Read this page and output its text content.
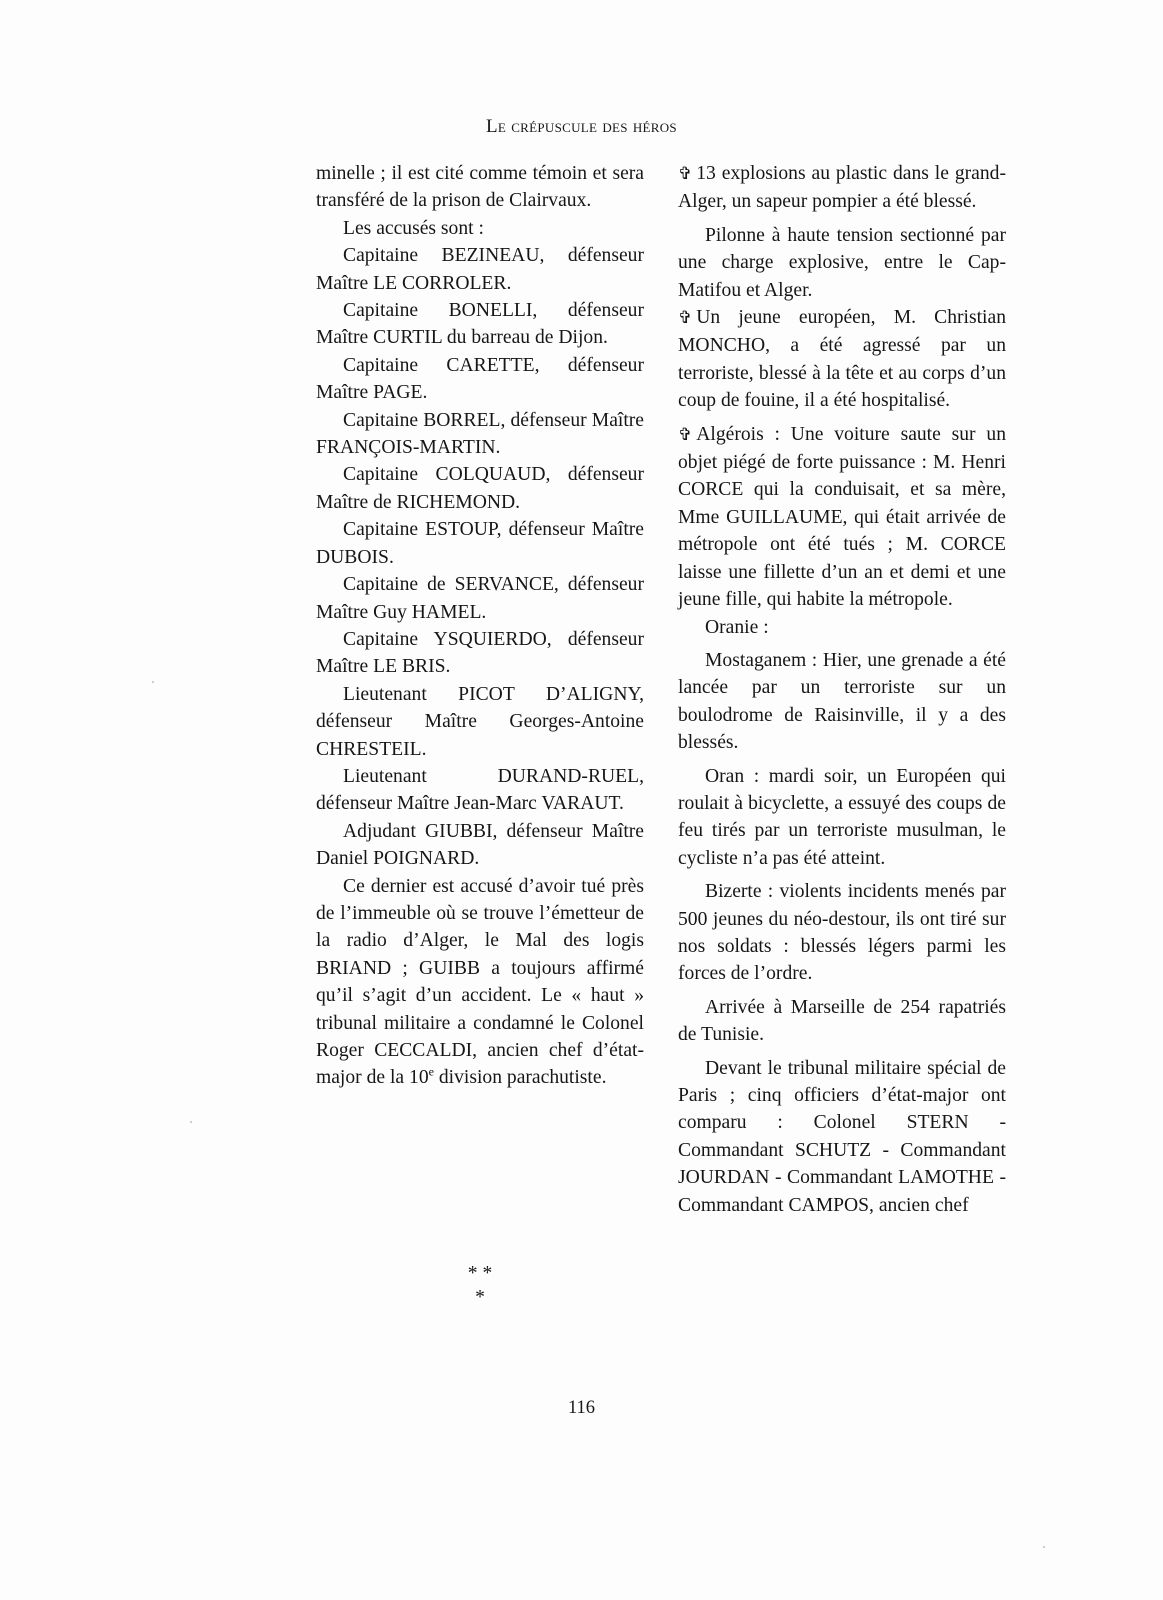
Le crépuscule des héros

minelle ; il est cité comme témoin et sera transféré de la prison de Clairvaux.

Les accusés sont :

Capitaine BEZINEAU, défenseur Maître LE CORROLER.

Capitaine BONELLI, défenseur Maître CURTIL du barreau de Dijon.

Capitaine CARETTE, défenseur Maître PAGE.

Capitaine BORREL, défenseur Maître FRANÇOIS-MARTIN.

Capitaine COLQUAUD, défenseur Maître de RICHEMOND.

Capitaine ESTOUP, défenseur Maître DUBOIS.

Capitaine de SERVANCE, défenseur Maître Guy HAMEL.

Capitaine YSQUIERDO, défenseur Maître LE BRIS.

Lieutenant PICOT D’ALIGNY, défenseur Maître Georges-Antoine CHRESTEIL.

Lieutenant DURAND-RUEL, défenseur Maître Jean-Marc VARAUT.

Adjudant GIUBBI, défenseur Maître Daniel POIGNARD.

Ce dernier est accusé d’avoir tué près de l’immeuble où se trouve l’émetteur de la radio d’Alger, le Mal des logis BRIAND ; GUIBB a toujours affirmé qu’il s’agit d’un accident. Le « haut » tribunal militaire a condamné le Colonel Roger CECCALDI, ancien chef d’état-major de la 10e division parachutiste.

* *
*

✞ 13 explosions au plastic dans le grand-Alger, un sapeur pompier a été blessé.

Pilonne à haute tension sectionné par une charge explosive, entre le Cap-Matifou et Alger.

✞ Un jeune européen, M. Christian MONCHO, a été agressé par un terroriste, blessé à la tête et au corps d’un coup de fouine, il a été hospitalisé.

✞ Algérois : Une voiture saute sur un objet piégé de forte puissance : M. Henri CORCE qui la conduisait, et sa mère, Mme GUILLAUME, qui était arrivée de métropole ont été tués ; M. CORCE laisse une fillette d’un an et demi et une jeune fille, qui habite la métropole.

Oranie :

Mostaganem : Hier, une grenade a été lancée par un terroriste sur un boulodrome de Raisinville, il y a des blessés.

Oran : mardi soir, un Européen qui roulait à bicyclette, a essuyé des coups de feu tirés par un terroriste musulman, le cycliste n’a pas été atteint.

Bizerte : violents incidents menés par 500 jeunes du néo-destour, ils ont tiré sur nos soldats : blessés légers parmi les forces de l’ordre.

Arrivée à Marseille de 254 rapatriés de Tunisie.

Devant le tribunal militaire spécial de Paris ; cinq officiers d’état-major ont comparu : Colonel STERN - Commandant SCHUTZ - Commandant JOURDAN - Commandant LAMOTHE - Commandant CAMPOS, ancien chef

116
